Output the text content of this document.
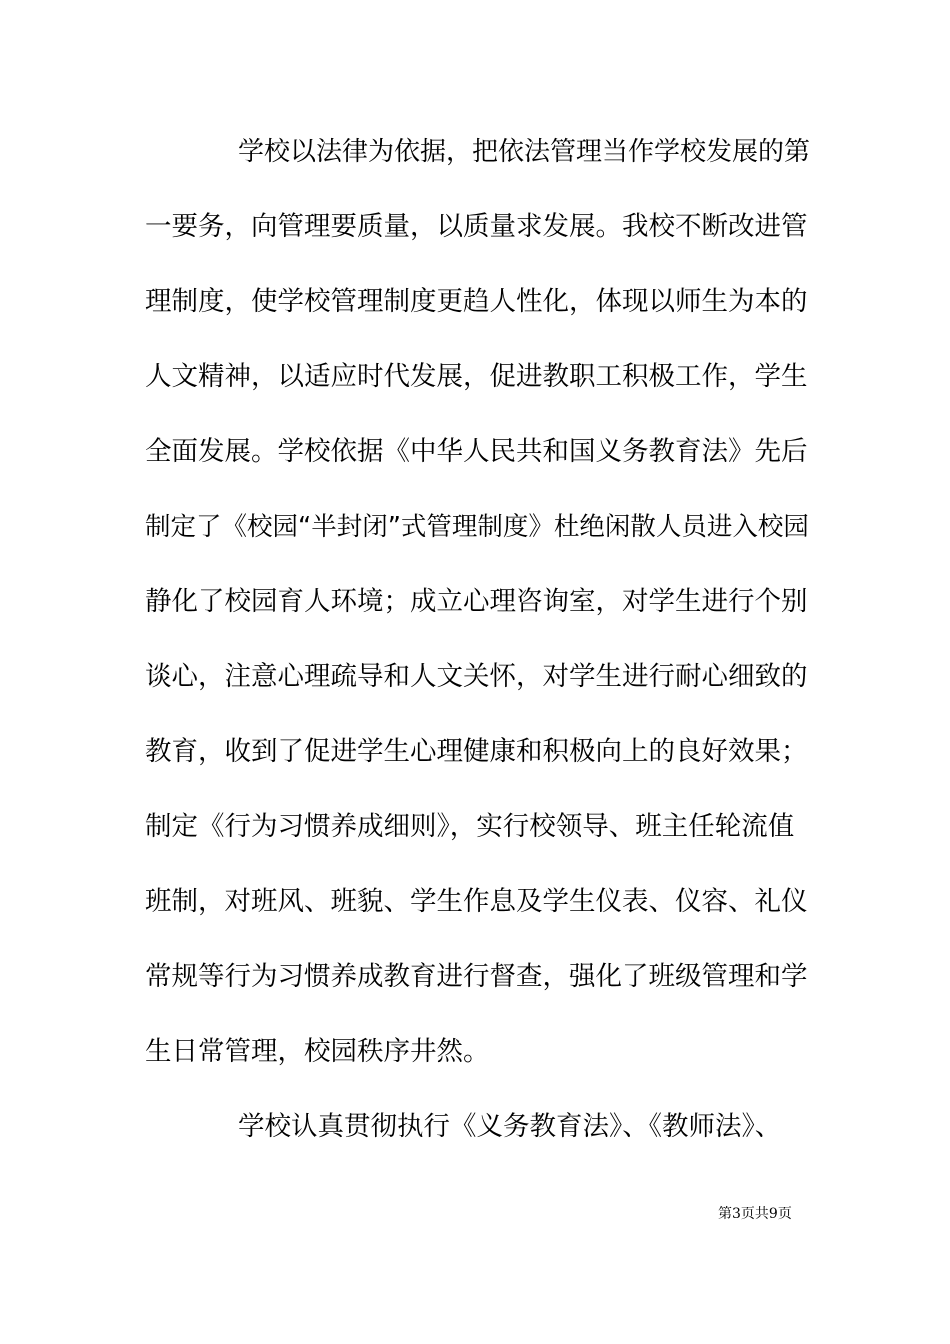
学校以法律为依据，把依法管理当作学校发展的第
一要务，向管理要质量，以质量求发展。我校不断改进管
理制度，使学校管理制度更趋人性化，体现以师生为本的
人文精神，以适应时代发展，促进教职工积极工作，学生
全面发展。学校依据《中华人民共和国义务教育法》先后
制定了《校园“半封闭”式管理制度》杜绝闲散人员进入校园
静化了校园育人环境；成立心理咨询室，对学生进行个别
谈心，注意心理疏导和人文关怀，对学生进行耐心细致的
教育，收到了促进学生心理健康和积极向上的良好效果；
制定《行为习惯养成细则》，实行校领导、班主任轮流值
班制，对班风、班貌、学生作息及学生仪表、仪容、礼仪
常规等行为习惯养成教育进行督查，强化了班级管理和学
生日常管理，校园秩序井然。
学校认真贯彻执行《义务教育法》、《教师法》、
第3页共9页
